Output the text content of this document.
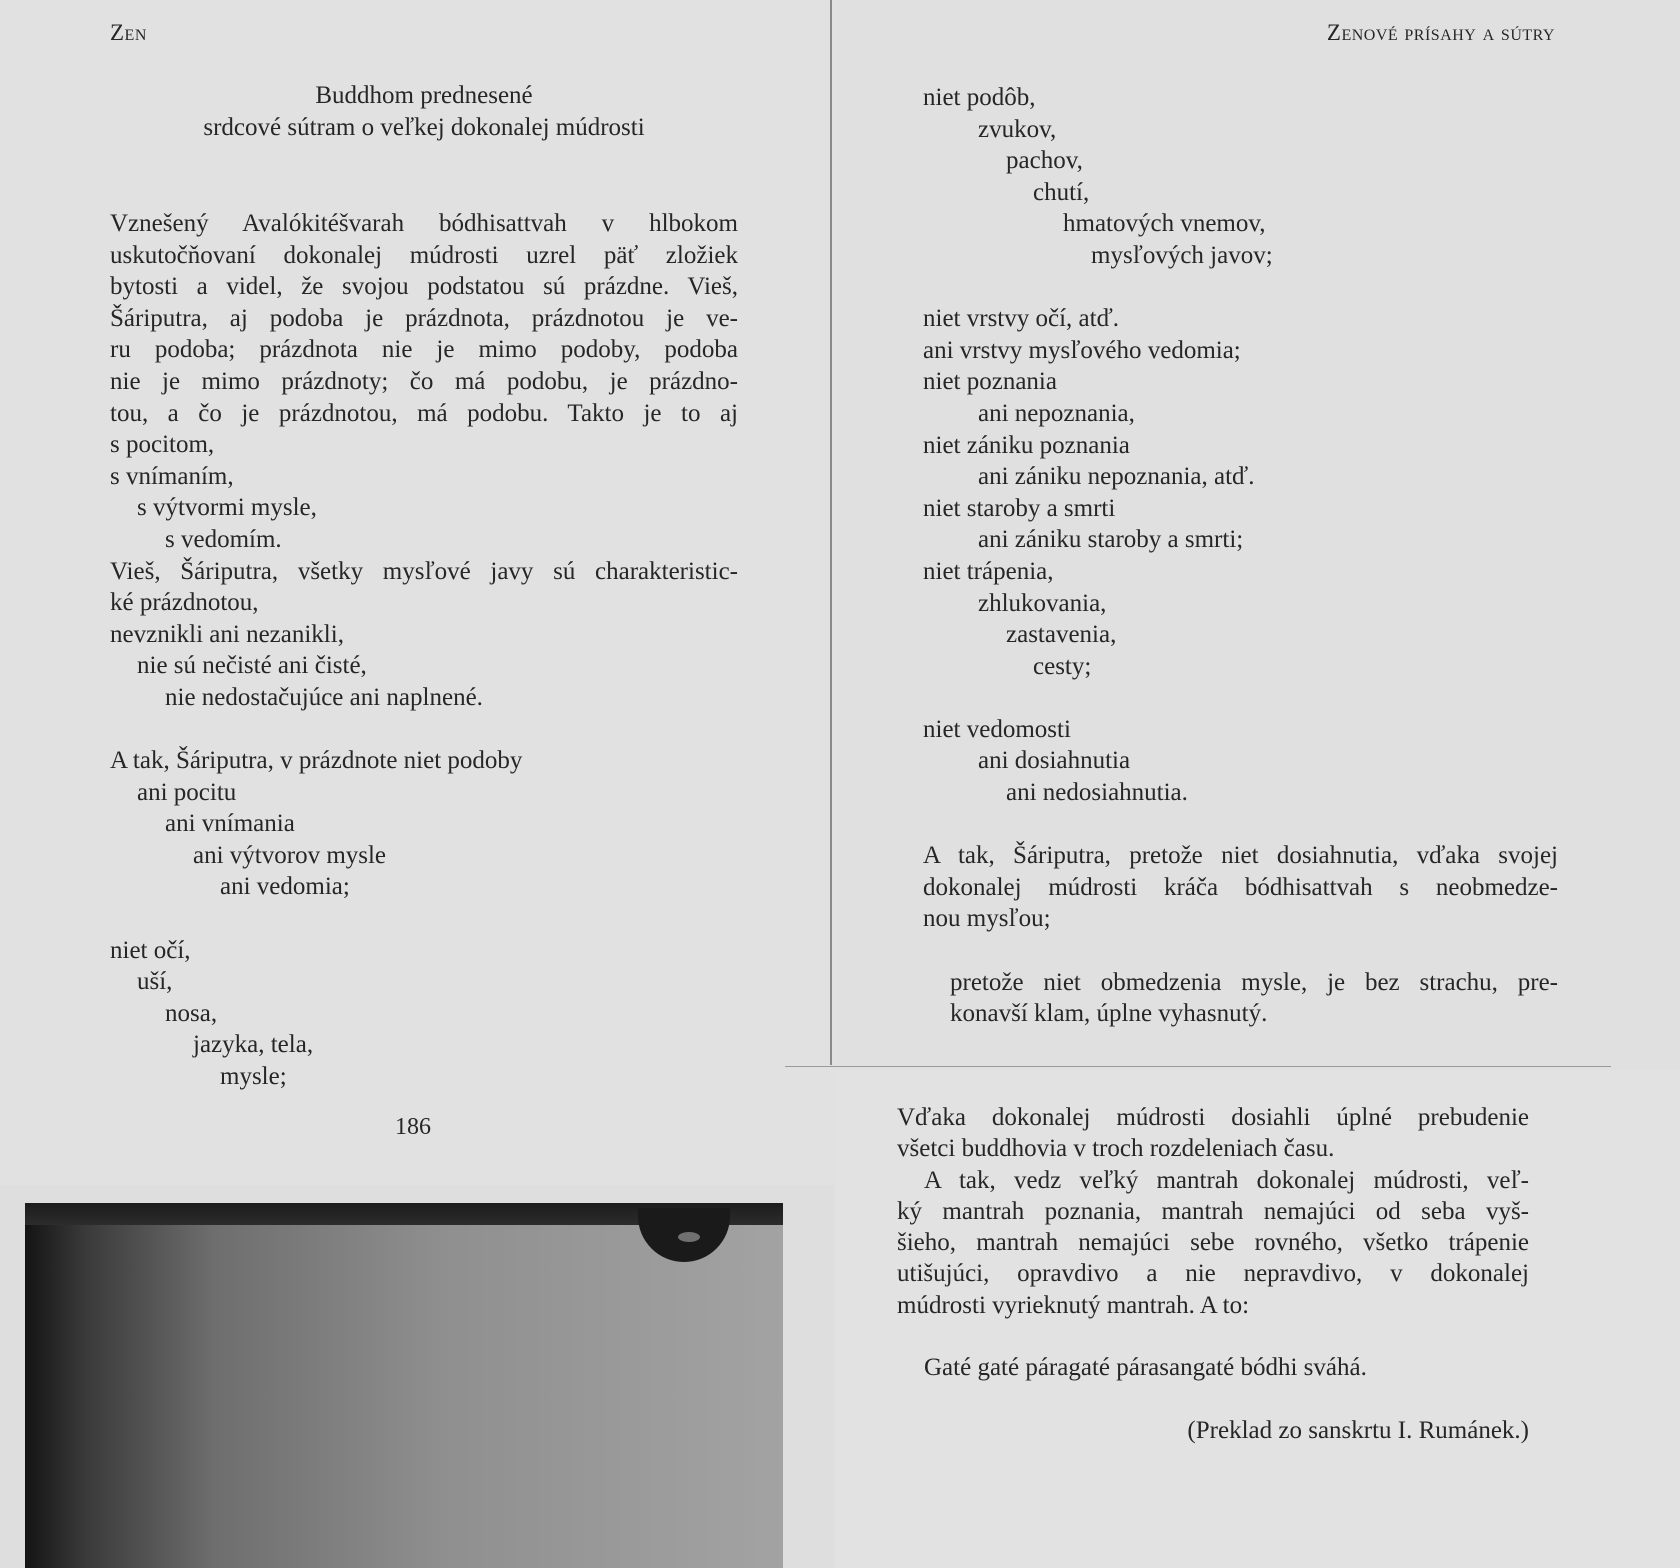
Zen	Zenové prísahy a sútry
Buddhom prednesené
srdcové sútram o veľkej dokonalej múdrosti
Vznešený Avalókitéšvarah bódhisattvah v hlbokom
uskutočňovaní dokonalej múdrosti uzrel päť zložiek
bytosti a videl, že svojou podstatou sú prázdne. Vieš,
Šáriputra, aj podoba je prázdnota, prázdnotou je ve-
ru podoba; prázdnota nie je mimo podoby, podoba
nie je mimo prázdnoty; čo má podobu, je prázdno-
tou, a čo je prázdnotou, má podobu. Takto je to aj
s pocitom,
s vnímaním,
s výtvormi mysle,
s vedomím.
Vieš, Šáriputra, všetky mysľové javy sú charakteristic-
ké prázdnotou,
nevznikli ani nezanikli,
nie sú nečisté ani čisté,
nie nedostačujúce ani naplnené.
A tak, Šáriputra, v prázdnote niet podoby
ani pocitu
ani vnímania
ani výtvorov mysle
ani vedomia;
niet očí,
uší,
nosa,
jazyka, tela,
mysle;
186
niet podôb,
zvukov,
pachov,
chutí,
hmatových vnemov,
mysľových javov;
niet vrstvy očí, atď.
ani vrstvy mysľového vedomia;
niet poznania
ani nepoznania,
niet zániku poznania
ani zániku nepoznania, atď.
niet staroby a smrti
ani zániku staroby a smrti;
niet trápenia,
zhlukovania,
zastavenia,
cesty;
niet vedomosti
ani dosiahnutia
ani nedosiahnutia.
A tak, Šáriputra, pretože niet dosiahnutia, vďaka svojej
dokonalej múdrosti kráča bódhisattvah s neobmedze-
nou mysľou;
pretože niet obmedzenia mysle, je bez strachu, pre-
konavší klam, úplne vyhasnutý.
Vďaka dokonalej múdrosti dosiahli úplné prebudenie
všetci buddhovia v troch rozdeleniach času.
A tak, vedz veľký mantrah dokonalej múdrosti, veľ-
ký mantrah poznania, mantrah nemajúci od seba vyš-
šieho, mantrah nemajúci sebe rovného, všetko trápenie
utišujúci, opravdivo a nie nepravdivo, v dokonalej
múdrosti vyrieknutý mantrah. A to:
Gaté gaté páragaté párasangaté bódhi sváhá.
(Preklad zo sanskrtu I. Rumánek.)
